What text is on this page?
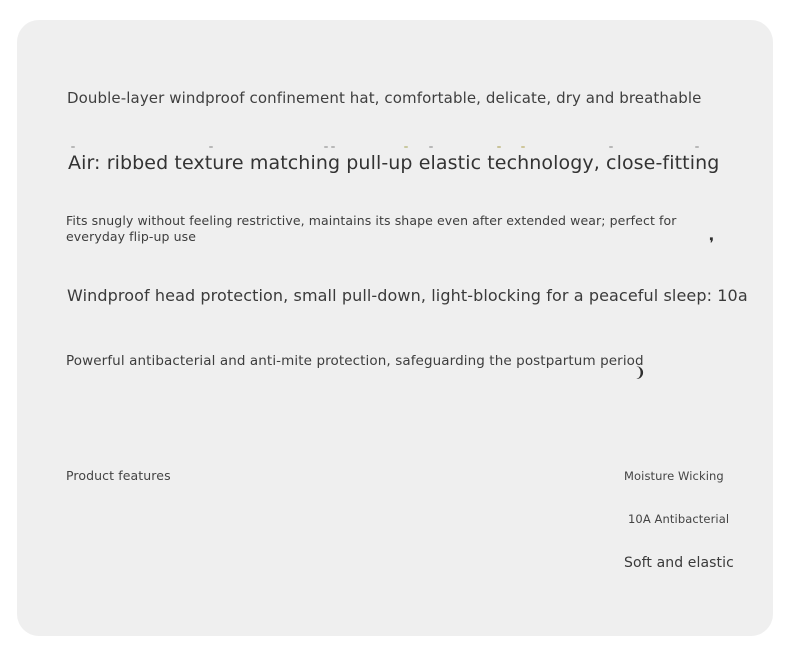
Double-layer windproof confinement hat, comfortable, delicate, dry and breathable
Air: ribbed texture matching pull-up elastic technology, close-fitting
Fits snugly without feeling restrictive, maintains its shape even after extended wear; perfect for everyday flip-up use	❜
Windproof head protection, small pull-down, light-blocking for a peaceful sleep: 10a
Powerful antibacterial and anti-mite protection, safeguarding the postpartum period
❩
Product features	Moisture Wicking
10A Antibacterial
Soft and elastic
